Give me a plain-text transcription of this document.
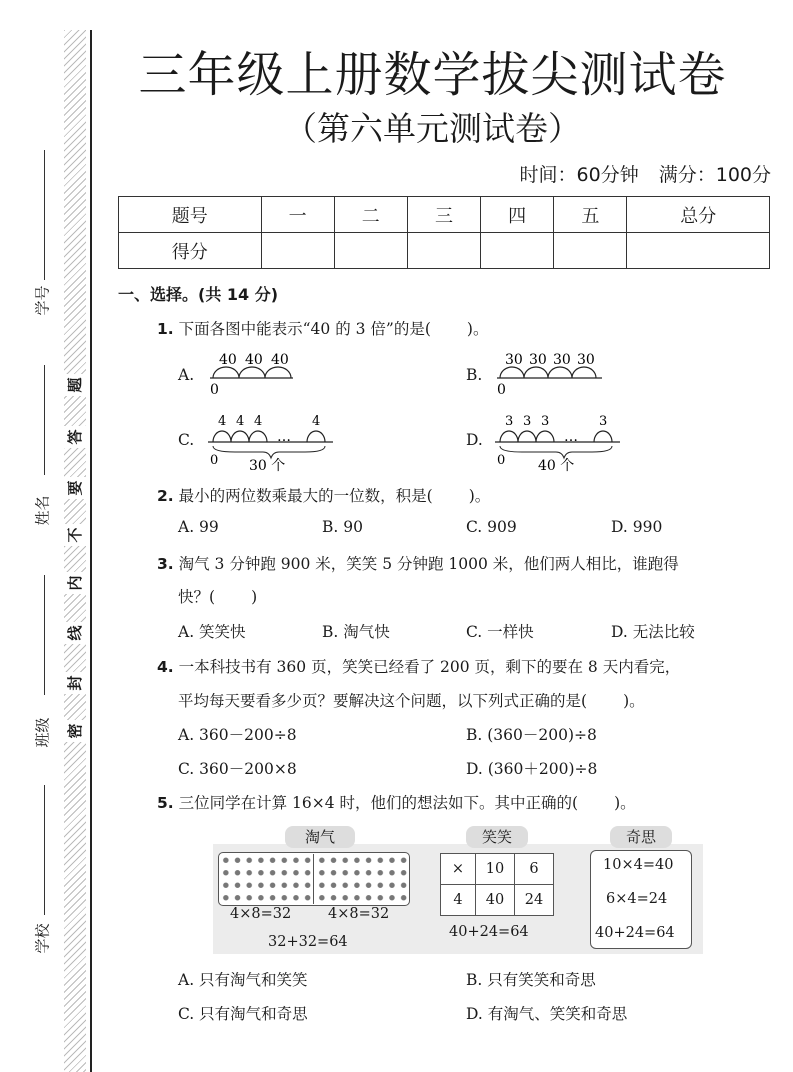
学号
姓名
班级
学校
题
答
要
不
内
线
封
密
三年级上册数学拔尖测试卷
（第六单元测试卷）
时间：60分钟 满分：100分
题号	一	二	三	四	五	总分
得分						
一、选择。(共 14 分)
1. 下面各图中能表示“40 的 3 倍”的是( )。
A.
40 40 40
0
B.
30 30 30 30
0
C.
4 4 4
…
4
0 30 个
D.
3 3 3
…
3
0 40 个
2. 最小的两位数乘最大的一位数，积是( )。
A. 99	B. 90	C. 909	D. 990
3. 淘气 3 分钟跑 900 米，笑笑 5 分钟跑 1000 米，他们两人相比，谁跑得
快？( )
A. 笑笑快	B. 淘气快	C. 一样快	D. 无法比较
4. 一本科技书有 360 页，笑笑已经看了 200 页，剩下的要在 8 天内看完，
平均每天要看多少页？要解决这个问题，以下列式正确的是( )。
A. 360－200÷8	B. (360－200)÷8
C. 360－200×8	D. (360＋200)÷8
5. 三位同学在计算 16×4 时，他们的想法如下。其中正确的( )。
淘气
4×8=32	4×8=32
32+32=64
笑笑
×	10	6
4	40	24
40+24=64
奇思
10×4=40
6×4=24
40+24=64
A. 只有淘气和笑笑	B. 只有笑笑和奇思
C. 只有淘气和奇思	D. 有淘气、笑笑和奇思
